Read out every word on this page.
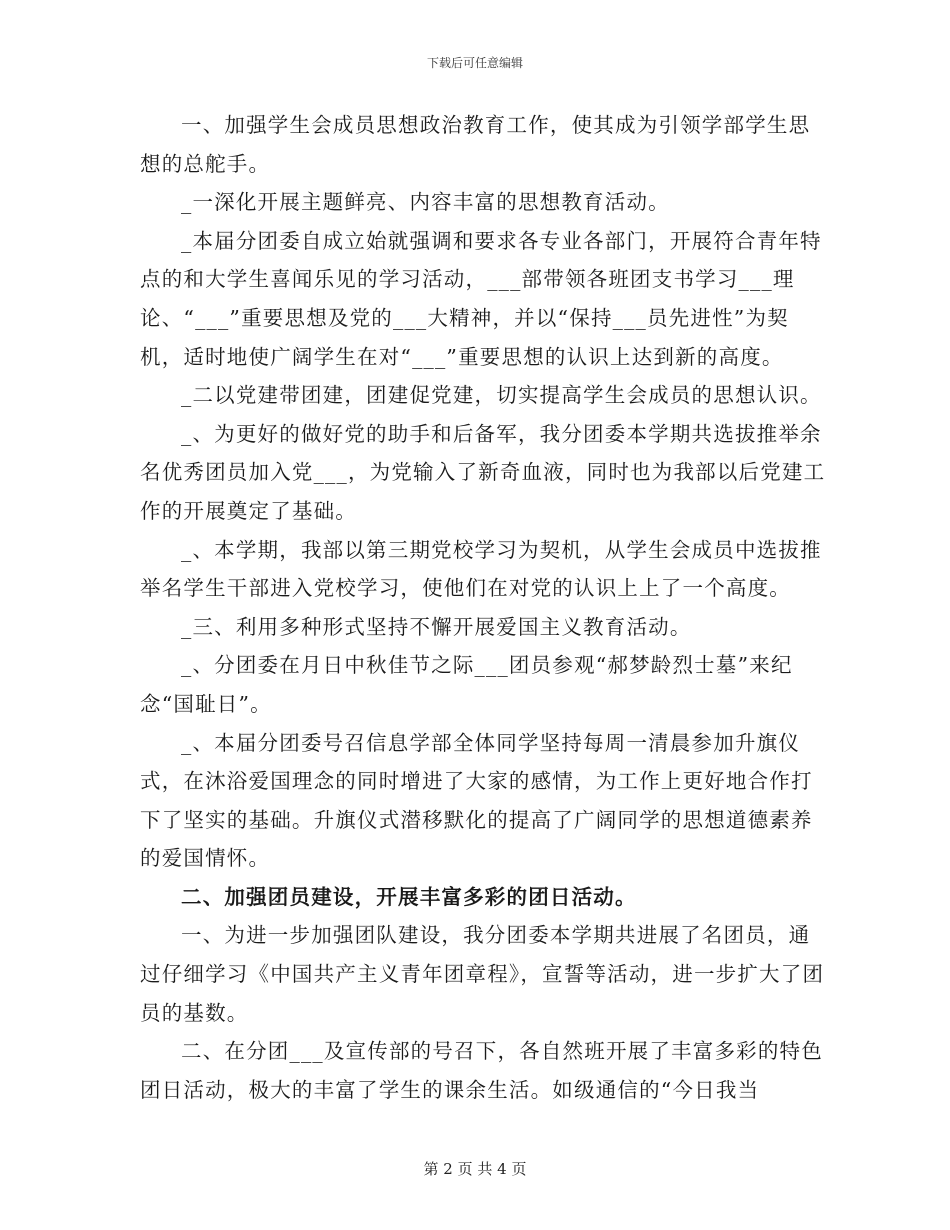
下载后可任意编辑

一、加强学生会成员思想政治教育工作，使其成为引领学部学生思想的总舵手。

_一深化开展主题鲜亮、内容丰富的思想教育活动。

_本届分团委自成立始就强调和要求各专业各部门，开展符合青年特点的和大学生喜闻乐见的学习活动，___部带领各班团支书学习___理论、“___”重要思想及党的___大精神，并以“保持___员先进性”为契机，适时地使广阔学生在对“___”重要思想的认识上达到新的高度。

_二以党建带团建，团建促党建，切实提高学生会成员的思想认识。

_、为更好的做好党的助手和后备军，我分团委本学期共选拔推举余名优秀团员加入党___，为党输入了新奇血液，同时也为我部以后党建工作的开展奠定了基础。

_、本学期，我部以第三期党校学习为契机，从学生会成员中选拔推举名学生干部进入党校学习，使他们在对党的认识上上了一个高度。

_三、利用多种形式坚持不懈开展爱国主义教育活动。

_、分团委在月日中秋佳节之际___团员参观“郝梦龄烈士墓”来纪念“国耻日”。

_、本届分团委号召信息学部全体同学坚持每周一清晨参加升旗仪式，在沐浴爱国理念的同时增进了大家的感情，为工作上更好地合作打下了坚实的基础。升旗仪式潜移默化的提高了广阔同学的思想道德素养的爱国情怀。

二、加强团员建设，开展丰富多彩的团日活动。

一、为进一步加强团队建设，我分团委本学期共进展了名团员，通过仔细学习《中国共产主义青年团章程》，宣誓等活动，进一步扩大了团员的基数。

二、在分团___及宣传部的号召下，各自然班开展了丰富多彩的特色团日活动，极大的丰富了学生的课余生活。如级通信的“今日我当

第 2 页 共 4 页
